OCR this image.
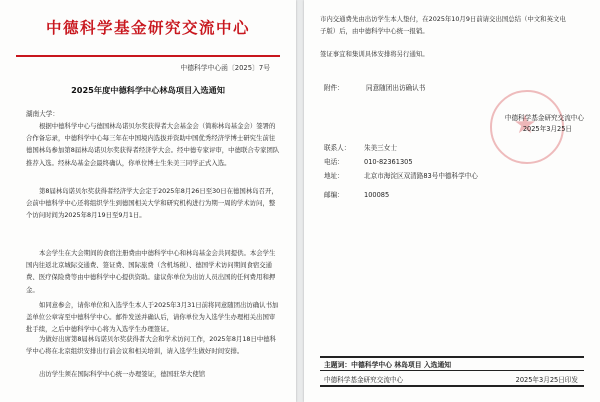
中德科学基金研究交流中心
中德科学中心函〔2025〕7号
2025年度中德科学中心林岛项目入选通知
湖南大学：

根据中德科学中心与德国林岛诺贝尔奖获得者大会基金会（简称林岛基金会）签署的合作备忘录，中德科学中心每三年在中国境内选拔并资助中国优秀经济学博士研究生前往德国林岛参加第8届林岛诺贝尔奖获得者经济学大会。经中德专家评审，中德联合专家团队推荐入选。经林岛基金会最终确认，你单位博士生朱美三同学正式入选。

第8届林岛诺贝尔奖获得者经济学大会定于2025年8月26日至30日在德国林岛召开，会前中德科学中心还将组织学生到德国相关大学和研究机构进行为期一周的学术访问，整个访问时间为2025年8月19日至9月1日。

本会学生在大会期间的食宿注册费由中德科学中心和林岛基金会共同提供。本会学生国内往返北京城际交通费、签证费、国际旅费（含机场税）、德国学术访问期间食宿交通费、医疗保险费等由中德科学中心提供资助。建议你单位为出访人员出国的任何费用和押金。

如同意参会，请你单位和入选学生本人于2025年3月31日前将同意随团出访确认书加盖单位公章寄至中德科学中心。邮件发送并确认后，请你单位为入选学生办理相关出国审批手续，之后中德科学中心将为入选学生办理签证。

为做好出席第8届林岛诺贝尔奖获得者大会和学术访问工作，2025年8月18日中德科学中心将在北京组织安排出行前会议和相关培训，请入选学生做好时间安排。

出访学生须在国际科学中心统一办理签证，德国驻华大使馆

市内交通费先由出访学生本人垫付，在2025年10月9日前请交出国总结（中文和英文电子版）后，由中德科学中心统一报销。

签证事宜和集训具体安排将另行通知。

附件：	同意随团出访确认书
★
中德科学基金研究交流中心
2025年3月25日
联系人： 朱美三女士
电话：	010-82361305
地址：	北京市海淀区双清路83号中德科学中心
邮编：	100085
主题词：中德科学中心 林岛项目 入选通知
中德科学基金研究交流中心	2025年3月25日印发
